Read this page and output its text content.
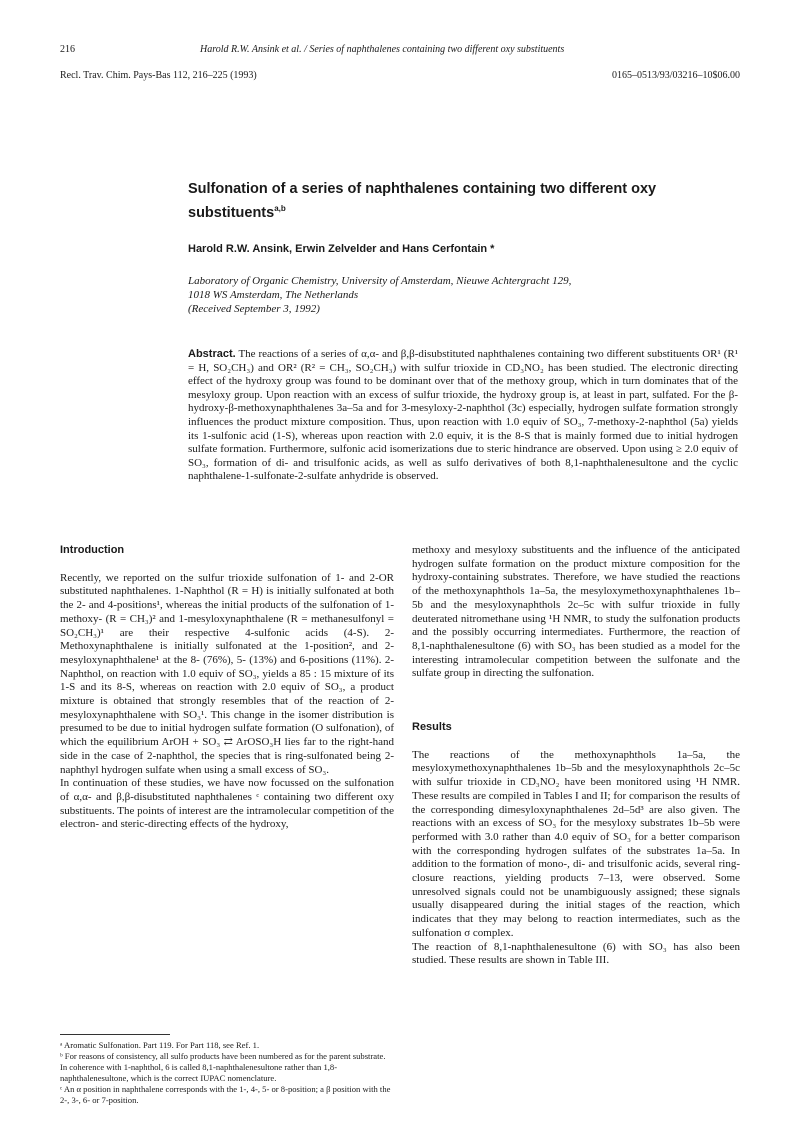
216	Harold R.W. Ansink et al. / Series of naphthalenes containing two different oxy substituents
Recl. Trav. Chim. Pays-Bas 112, 216–225 (1993)	0165–0513/93/03216–10$06.00
Sulfonation of a series of naphthalenes containing two different oxy substituents$^{a,b}$
Harold R.W. Ansink, Erwin Zelvelder and Hans Cerfontain *
Laboratory of Organic Chemistry, University of Amsterdam, Nieuwe Achtergracht 129,
1018 WS Amsterdam, The Netherlands
(Received September 3, 1992)
Abstract. The reactions of a series of α,α- and β,β-disubstituted naphthalenes containing two different substituents OR¹ (R¹ = H, SO₂CH₃) and OR² (R² = CH₃, SO₂CH₃) with sulfur trioxide in CD₃NO₂ has been studied. The electronic directing effect of the hydroxy group was found to be dominant over that of the methoxy group, which in turn dominates that of the mesyloxy group. Upon reaction with an excess of sulfur trioxide, the hydroxy group is, at least in part, sulfated. For the β-hydroxy-β-methoxynaphthalenes 3a–5a and for 3-mesyloxy-2-naphthol (3c) especially, hydrogen sulfate formation strongly influences the product mixture composition. Thus, upon reaction with 1.0 equiv of SO₃, 7-methoxy-2-naphthol (5a) yields its 1-sulfonic acid (1-S), whereas upon reaction with 2.0 equiv, it is the 8-S that is mainly formed due to initial hydrogen sulfate formation. Furthermore, sulfonic acid isomerizations due to steric hindrance are observed. Upon using ≥ 2.0 equiv of SO₃, formation of di- and trisulfonic acids, as well as sulfo derivatives of both 8,1-naphthalenesultone and the cyclic naphthalene-1-sulfonate-2-sulfate anhydride is observed.
Introduction

Recently, we reported on the sulfur trioxide sulfonation of 1- and 2-OR substituted naphthalenes. 1-Naphthol (R = H) is initially sulfonated at both the 2- and 4-positions¹, whereas the initial products of the sulfonation of 1-methoxy- (R = CH₃)² and 1-mesyloxynaphthalene (R = methanesulfonyl = SO₂CH₃)¹ are their respective 4-sulfonic acids (4-S). 2-Methoxynaphthalene is initially sulfonated at the 1-position², and 2-mesyloxynaphthalene¹ at the 8- (76%), 5- (13%) and 6-positions (11%). 2-Naphthol, on reaction with 1.0 equiv of SO₃, yields a 85 : 15 mixture of its 1-S and its 8-S, whereas on reaction with 2.0 equiv of SO₃, a product mixture is obtained that strongly resembles that of the reaction of 2-mesyloxynaphthalene with SO₃¹. This change in the isomer distribution is presumed to be due to initial hydrogen sulfate formation (O sulfonation), of which the equilibrium ArOH + SO₃ ⇄ ArOSO₃H lies far to the right-hand side in the case of 2-naphthol, the species that is ring-sulfonated being 2-naphthyl hydrogen sulfate when using a small excess of SO₃.

In continuation of these studies, we have now focussed on the sulfonation of α,α- and β,β-disubstituted naphthalenes ᶜ containing two different oxy substituents. The points of interest are the intramolecular competition of the electron- and steric-directing effects of the hydroxy,

methoxy and mesyloxy substituents and the influence of the anticipated hydrogen sulfate formation on the product mixture composition for the hydroxy-containing substrates. Therefore, we have studied the reactions of the methoxynaphthols 1a–5a, the mesyloxymethoxynaphthalenes 1b–5b and the mesyloxynaphthols 2c–5c with sulfur trioxide in fully deuterated nitromethane using ¹H NMR, to study the sulfonation products and the possibly occurring intermediates. Furthermore, the reaction of 8,1-naphthalenesultone (6) with SO₃ has been studied as a model for the interesting intramolecular competition between the sulfonate and the sulfate group in directing the sulfonation.

Results

The reactions of the methoxynaphthols 1a–5a, the mesyloxymethoxynaphthalenes 1b–5b and the mesyloxynaphthols 2c–5c with sulfur trioxide in CD₃NO₂ have been monitored using ¹H NMR. These results are compiled in Tables I and II; for comparison the results of the corresponding dimesyloxynaphthalenes 2d–5d³ are also given. The reactions with an excess of SO₃ for the mesyloxy substrates 1b–5b were performed with 3.0 rather than 4.0 equiv of SO₃ for a better comparison with the corresponding hydrogen sulfates of the substrates 1a–5a. In addition to the formation of mono-, di- and trisulfonic acids, several ring-closure reactions, yielding products 7–13, were observed. Some unresolved signals could not be unambiguously assigned; these signals usually disappeared during the initial stages of the reaction, which indicates that they may belong to reaction intermediates, such as the sulfonation σ complex.

The reaction of 8,1-naphthalenesultone (6) with SO₃ has also been studied. These results are shown in Table III.

ᵃ Aromatic Sulfonation. Part 119. For Part 118, see Ref. 1.

ᵇ For reasons of consistency, all sulfo products have been numbered as for the parent substrate. In coherence with 1-naphthol, 6 is called 8,1-naphthalenesultone rather than 1,8-naphthalenesultone, which is the correct IUPAC nomenclature.

ᶜ An α position in naphthalene corresponds with the 1-, 4-, 5- or 8-position; a β position with the 2-, 3-, 6- or 7-position.
